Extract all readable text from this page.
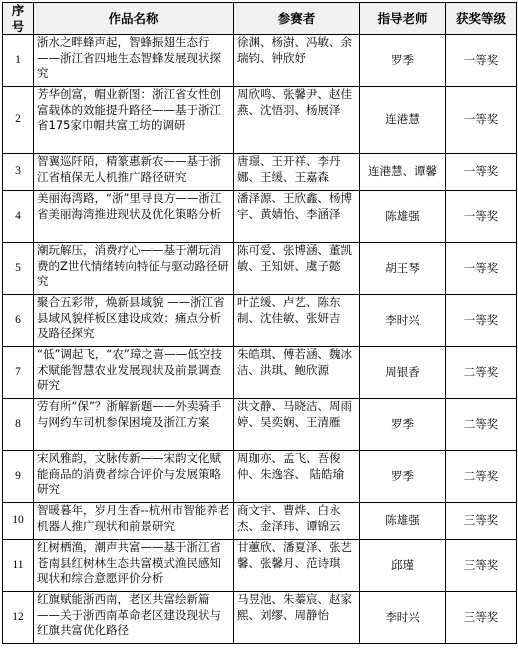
序号	作品名称	参赛者	指导老师	获奖等级
1	浙水之畔蜂声起，智蜂振翅生态行——浙江省四地生态智蜂发展现状探究	徐渊、杨澍、冯敏、余瑞钧、钟欣妤	罗季	一等奖
2	芳华创富，帽业新图：浙江省女性创富载体的效能提升路径——基于浙江省175家巾帽共富工坊的调研	周欣鸣、张馨尹、赵佳燕、沈悟羽、杨展泽	连港慧	一等奖
3	智翼巡阡陌，精篆惠新农——基于浙江省植保无人机推广路径研究	唐璟、王开祥、李丹娜、王缓、王嘉森	连港慧、谭馨	一等奖
4	美丽海湾路，“浙”里寻良方——浙江省美丽海湾推进现状及优化策略分析	潘泽源、王欣鑫、杨博宇、黄婧怡、李涵泽	陈雄强	一等奖
5	潮玩解压，消费疗心——基于潮玩消费的Z世代情绪转向特征与驱动路径研究	陈可爱、张博涵、董凯敏、王知妍、虞子懿	胡王琴	一等奖
6	聚合五彩带，焕新县域貌 ——浙江省县域风貌样板区建设成效：痛点分析及路径探究	叶芷缓、卢艺、陈东制、沈佳敏、张妍吉	李时兴	一等奖
7	“低”调起飞，“农”璋之喜——低空技术赋能智慧农业发展现状及前景调查研究	朱皓琪、傅若涵、魏冰洁、洪琪、鲍欣源	周银香	二等奖
8	劳有所“保”？浙解新题——外卖骑手与网约车司机参保困境及浙江方案	洪文静、马晓洁、周雨婷、吴奕娴、王清雁	罗季	二等奖
9	宋风雅韵，文脉传新——宋韵文化赋能商品的消费者综合评价与发展策略研究	周珈亦、孟飞、吾俊仲、朱逸容、 陆皓瑜	罗季	二等奖
10	智暖暮年，岁月生香--杭州市智能养老机器人推广现状和前景研究	商文宇、曹烨、白永杰、金泽玮、谭锦云	陈雄强	三等奖
11	红树栖渔，潮声共富——基于浙江省苍南县红树林生态共富模式渔民感知现状和综合意愿评价分析	甘蕙欣、潘夏泽、张艺馨、张馨月、范诗琪	邱瑾	三等奖
12	红旗赋能浙西南，老区共富绘新篇——关于浙西南革命老区建设现状与红旗共富优化路径	马昱池、朱蓁宸、赵家熙、刘缪、周静怡	李时兴	三等奖
